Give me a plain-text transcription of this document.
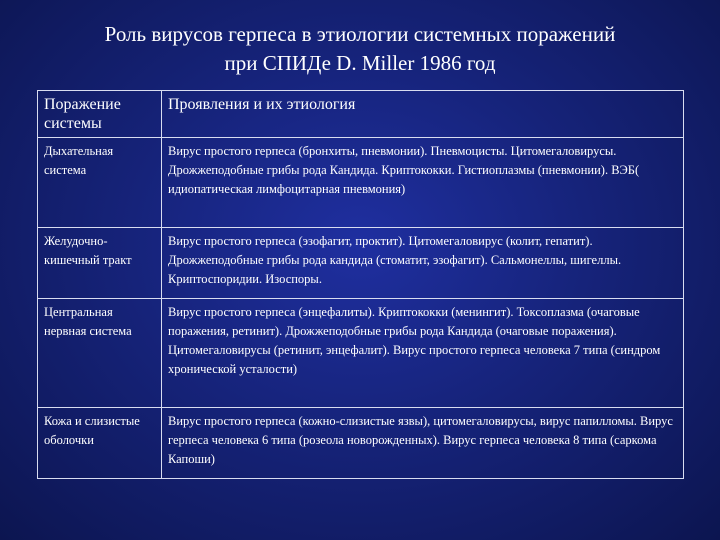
Роль вирусов герпеса в этиологии системных поражений
при СПИДе D. Miller 1986 год
Поражение системы	Проявления и их этиология
Дыхательная система	Вирус простого герпеса (бронхиты, пневмонии). Пневмоцисты. Цитомегаловирусы. Дрожжеподобные грибы рода Кандида. Криптококки. Гистиоплазмы (пневмонии). ВЭБ( идиопатическая лимфоцитарная пневмония)
Желудочно-кишечный тракт	Вирус простого герпеса (эзофагит, проктит). Цитомегаловирус (колит, гепатит). Дрожжеподобные грибы рода кандида (стоматит, эзофагит). Сальмонеллы, шигеллы. Криптоспоридии. Изоспоры.
Центральная нервная система	Вирус простого герпеса (энцефалиты). Криптококки (менингит). Токсоплазма (очаговые поражения, ретинит). Дрожжеподобные грибы рода Кандида (очаговые поражения). Цитомегаловирусы (ретинит, энцефалит). Вирус простого герпеса человека 7 типа (синдром хронической усталости)
Кожа и слизистые оболочки	Вирус простого герпеса (кожно-слизистые язвы), цитомегаловирусы, вирус папилломы. Вирус герпеса человека 6 типа (розеола новорожденных). Вирус герпеса человека 8 типа (саркома Капоши)
